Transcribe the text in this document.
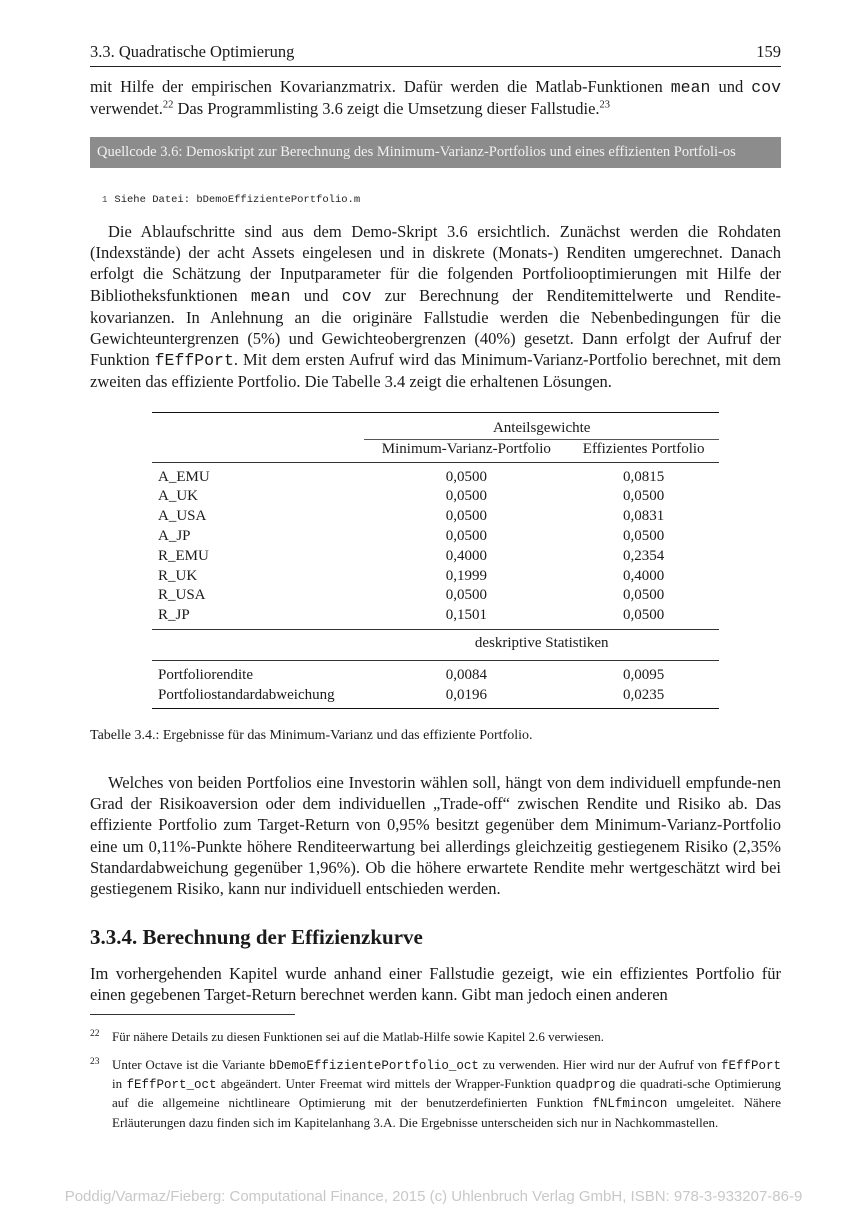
3.3. Quadratische Optimierung	159

mit Hilfe der empirischen Kovarianzmatrix. Dafür werden die Matlab-Funktionen mean und cov verwendet.$^{22}$ Das Programmlisting 3.6 zeigt die Umsetzung dieser Fallstudie.$^{23}$

Quellcode 3.6: Demoskript zur Berechnung des Minimum-Varianz-Portfolios und eines effizienten Portfoli-os
1 Siehe Datei: bDemoEffizientePortfolio.m

Die Ablaufschritte sind aus dem Demo-Skript 3.6 ersichtlich. Zunächst werden die Rohdaten (Indexstände) der acht Assets eingelesen und in diskrete (Monats-) Renditen umgerechnet. Danach erfolgt die Schätzung der Inputparameter für die folgenden Portfoliooptimierungen mit Hilfe der Bibliotheksfunktionen mean und cov zur Berechnung der Renditemittelwerte und Rendite-kovarianzen. In Anlehnung an die originäre Fallstudie werden die Nebenbedingungen für die Gewichteuntergrenzen (5%) und Gewichteobergrenzen (40%) gesetzt. Dann erfolgt der Aufruf der Funktion fEffPort. Mit dem ersten Aufruf wird das Minimum-Varianz-Portfolio berechnet, mit dem zweiten das effiziente Portfolio. Die Tabelle 3.4 zeigt die erhaltenen Lösungen.

	Anteilsgewichte	
	Minimum-Varianz-Portfolio	Effizientes Portfolio
A_EMU	0,0500	0,0815
A_UK	0,0500	0,0500
A_USA	0,0500	0,0831
A_JP	0,0500	0,0500
R_EMU	0,4000	0,2354
R_UK	0,1999	0,4000
R_USA	0,0500	0,0500
R_JP	0,1501	0,0500
	deskriptive Statistiken	
Portfoliorendite	0,0084	0,0095
Portfoliostandardabweichung	0,0196	0,0235
Tabelle 3.4.: Ergebnisse für das Minimum-Varianz und das effiziente Portfolio.

Welches von beiden Portfolios eine Investorin wählen soll, hängt von dem individuell empfunde-nen Grad der Risikoaversion oder dem individuellen „Trade-off“ zwischen Rendite und Risiko ab. Das effiziente Portfolio zum Target-Return von 0,95% besitzt gegenüber dem Minimum-Varianz-Portfolio eine um 0,11%-Punkte höhere Renditeerwartung bei allerdings gleichzeitig gestiegenem Risiko (2,35% Standardabweichung gegenüber 1,96%). Ob die höhere erwartete Rendite mehr wertgeschätzt wird bei gestiegenem Risiko, kann nur individuell entschieden werden.

3.3.4. Berechnung der Effizienzkurve

Im vorhergehenden Kapitel wurde anhand einer Fallstudie gezeigt, wie ein effizientes Portfolio für einen gegebenen Target-Return berechnet werden kann. Gibt man jedoch einen anderen

22 Für nähere Details zu diesen Funktionen sei auf die Matlab-Hilfe sowie Kapitel 2.6 verwiesen.
23 Unter Octave ist die Variante bDemoEffizientePortfolio_oct zu verwenden. Hier wird nur der Aufruf von fEffPort in fEffPort_oct abgeändert. Unter Freemat wird mittels der Wrapper-Funktion quadprog die quadrati-sche Optimierung auf die allgemeine nichtlineare Optimierung mit der benutzerdefinierten Funktion fNLfmincon umgeleitet. Nähere Erläuterungen dazu finden sich im Kapitelanhang 3.A. Die Ergebnisse unterscheiden sich nur in Nachkommastellen.
Poddig/Varmaz/Fieberg: Computational Finance, 2015 (c) Uhlenbruch Verlag GmbH, ISBN: 978-3-933207-86-9
